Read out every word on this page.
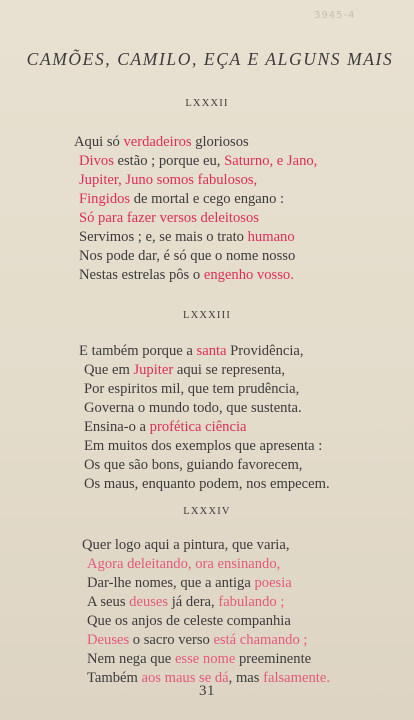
3945-4
CAMÕES, CAMILO, EÇA E ALGUNS MAIS
LXXXII
Aqui só verdadeiros gloriosos
Divos estão ; porque eu, Saturno, e Jano,
Jupiter, Juno somos fabulosos,
Fingidos de mortal e cego engano :
Só para fazer versos deleitosos
Servimos ; e, se mais o trato humano
Nos pode dar, é só que o nome nosso
Nestas estrelas pôs o engenho vosso.
LXXXIII
E também porque a santa Providência,
Que em Jupiter aqui se representa,
Por espiritos mil, que tem prudência,
Governa o mundo todo, que sustenta.
Ensina-o a profética ciência
Em muitos dos exemplos que apresenta :
Os que são bons, guiando favorecem,
Os maus, enquanto podem, nos empecem.
LXXXIV
Quer logo aqui a pintura, que varia,
Agora deleitando, ora ensinando,
Dar-lhe nomes, que a antiga poesia
A seus deuses já dera, fabulando ;
Que os anjos de celeste companhia
Deuses o sacro verso está chamando ;
Nem nega que esse nome preeminente
Também aos maus se dá, mas falsamente.
31
